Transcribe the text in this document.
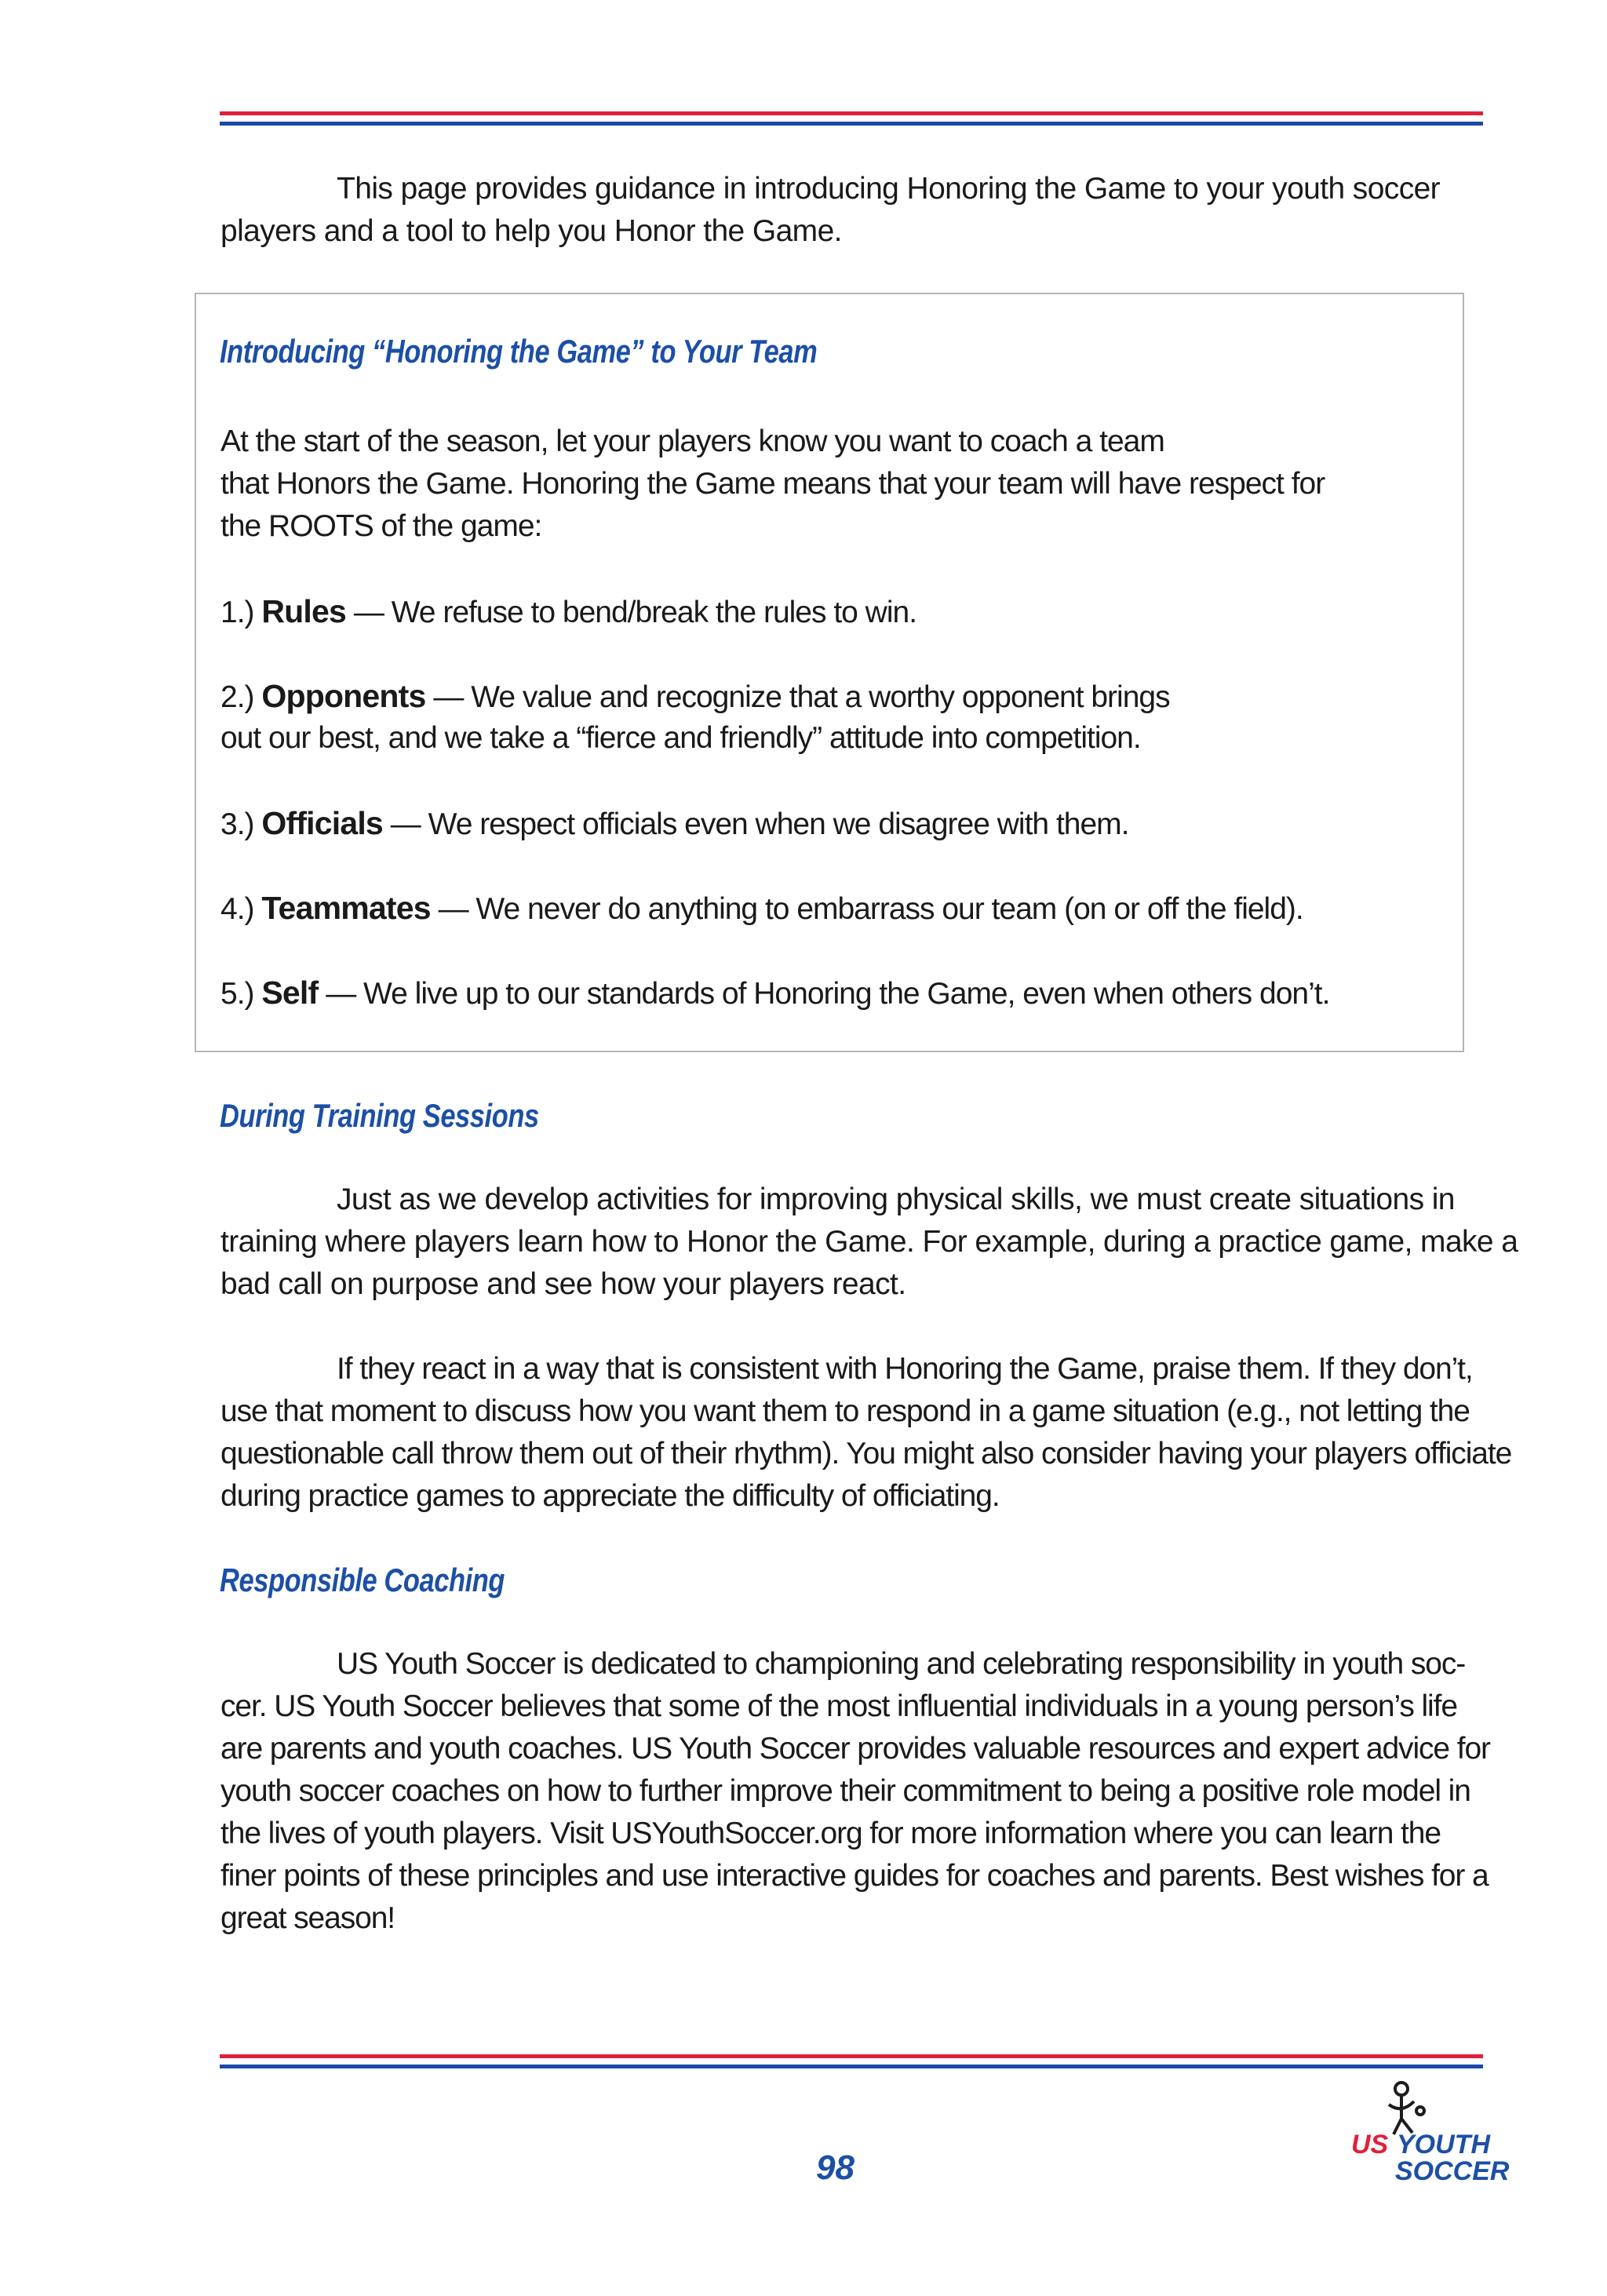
This page provides guidance in introducing Honoring the Game to your youth soccer players and a tool to help you Honor the Game.

Introducing “Honoring the Game” to Your Team

At the start of the season, let your players know you want to coach a team

that Honors the Game. Honoring the Game means that your team will have respect for

the ROOTS of the game:

1.) Rules — We refuse to bend/break the rules to win.

2.) Opponents — We value and recognize that a worthy opponent brings

out our best, and we take a “fierce and friendly” attitude into competition.

3.) Officials — We respect officials even when we disagree with them.

4.) Teammates — We never do anything to embarrass our team (on or off the field).

5.) Self — We live up to our standards of Honoring the Game, even when others don’t.

During Training Sessions

Just as we develop activities for improving physical skills, we must create situations in training where players learn how to Honor the Game. For example, during a practice game, make a bad call on purpose and see how your players react.

If they react in a way that is consistent with Honoring the Game, praise them. If they don’t, use that moment to discuss how you want them to respond in a game situation (e.g., not letting the questionable call throw them out of their rhythm). You might also consider having your players officiate during practice games to appreciate the difficulty of officiating.

Responsible Coaching

US Youth Soccer is dedicated to championing and celebrating responsibility in youth soc-cer. US Youth Soccer believes that some of the most influential individuals in a young person’s life are parents and youth coaches. US Youth Soccer provides valuable resources and expert advice for youth soccer coaches on how to further improve their commitment to being a positive role model in the lives of youth players. Visit USYouthSoccer.org for more information where you can learn the finer points of these principles and use interactive guides for coaches and parents. Best wishes for a great season!

98

US YOUTH
SOCCER
